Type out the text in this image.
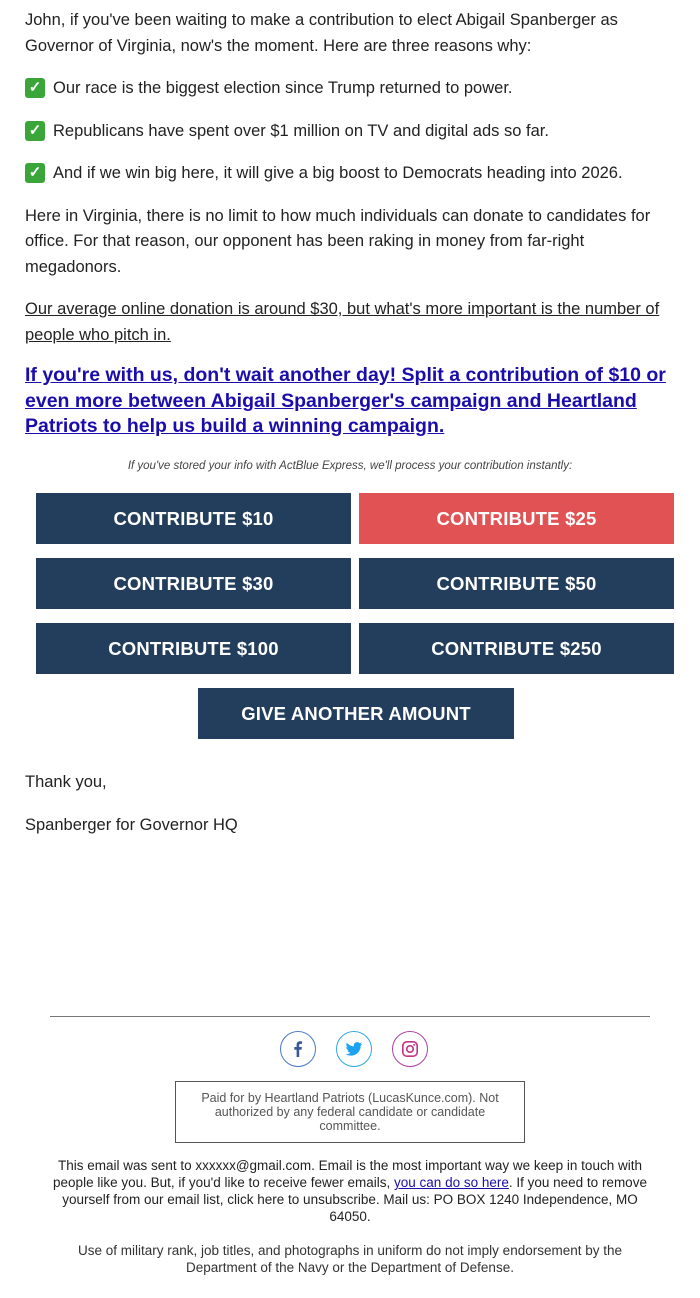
John, if you've been waiting to make a contribution to elect Abigail Spanberger as Governor of Virginia, now's the moment. Here are three reasons why:
✓ Our race is the biggest election since Trump returned to power.
✓ Republicans have spent over $1 million on TV and digital ads so far.
✓ And if we win big here, it will give a big boost to Democrats heading into 2026.
Here in Virginia, there is no limit to how much individuals can donate to candidates for office. For that reason, our opponent has been raking in money from far-right megadonors.
Our average online donation is around $30, but what's more important is the number of people who pitch in.
If you're with us, don't wait another day! Split a contribution of $10 or even more between Abigail Spanberger's campaign and Heartland Patriots to help us build a winning campaign.
If you've stored your info with ActBlue Express, we'll process your contribution instantly:
CONTRIBUTE $10	CONTRIBUTE $25
CONTRIBUTE $30	CONTRIBUTE $50
CONTRIBUTE $100	CONTRIBUTE $250
GIVE ANOTHER AMOUNT
Thank you,
Spanberger for Governor HQ
Paid for by Heartland Patriots (LucasKunce.com). Not authorized by any federal candidate or candidate committee.
This email was sent to xxxxxx@gmail.com. Email is the most important way we keep in touch with people like you. But, if you'd like to receive fewer emails, you can do so here. If you need to remove yourself from our email list, click here to unsubscribe. Mail us: PO BOX 1240 Independence, MO 64050.
Use of military rank, job titles, and photographs in uniform do not imply endorsement by the Department of the Navy or the Department of Defense.
